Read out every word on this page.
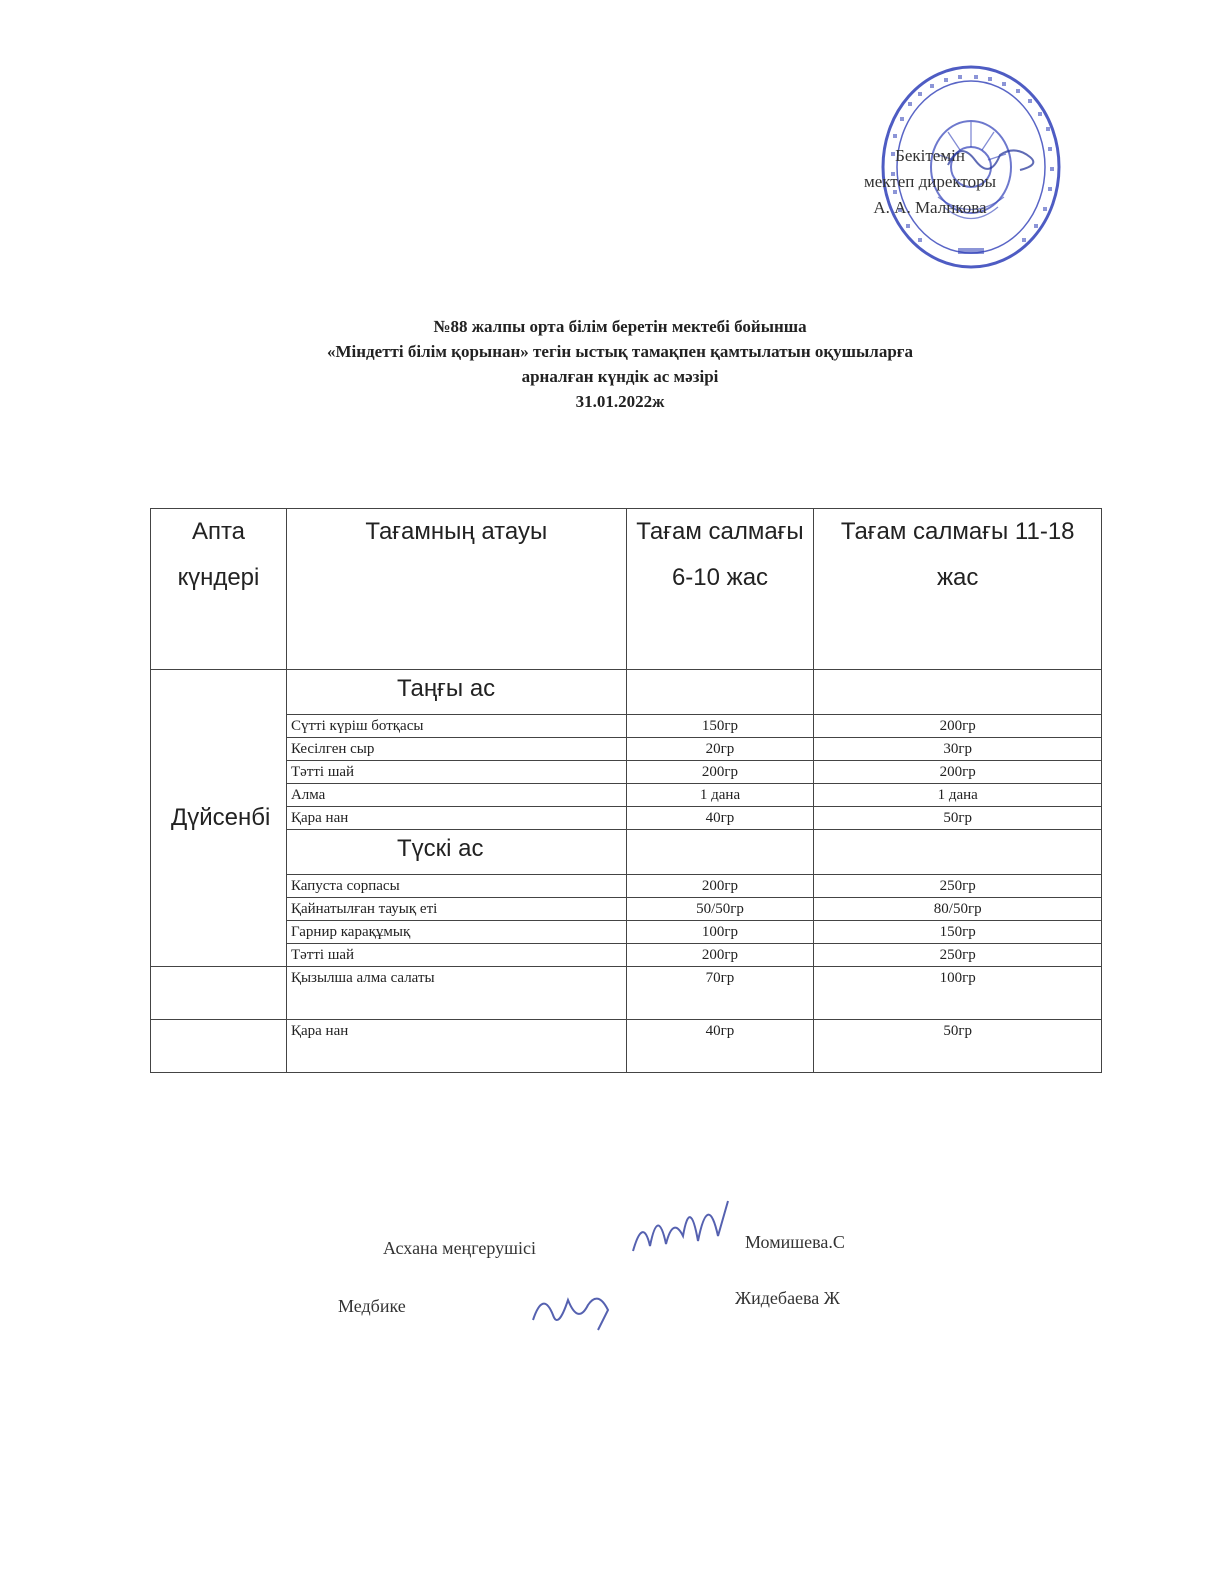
Бекітемін
мектеп директоры
А. А. Малнкова
№88 жалпы орта білім беретін мектебі бойынша
«Міндетті білім қорынан» тегін ыстық тамақпен қамтылатын оқушыларға
арналған күндік ас мәзірі
31.01.2022ж
Апта күндері	Тағамның атауы	Тағам салмағы 6-10 жас	Тағам салмағы 11-18 жас
Дүйсенбі	Таңғы ас		
	Сүтті күріш ботқасы	150гр	200гр
	Кесілген сыр	20гр	30гр
	Тәтті шай	200гр	200гр
	Алма	1 дана	1 дана
	Қара нан	40гр	50гр
	Түскі ас		
	Капуста сорпасы	200гр	250гр
	Қайнатылған тауық еті	50/50гр	80/50гр
	Гарнир карақұмық	100гр	150гр
	Тәтті шай	200гр	250гр
	Қызылша алма салаты	70гр	100гр
	Қара нан	40гр	50гр
Асхана меңгерушісі	Момишева.С
Медбике	Жидебаева Ж
